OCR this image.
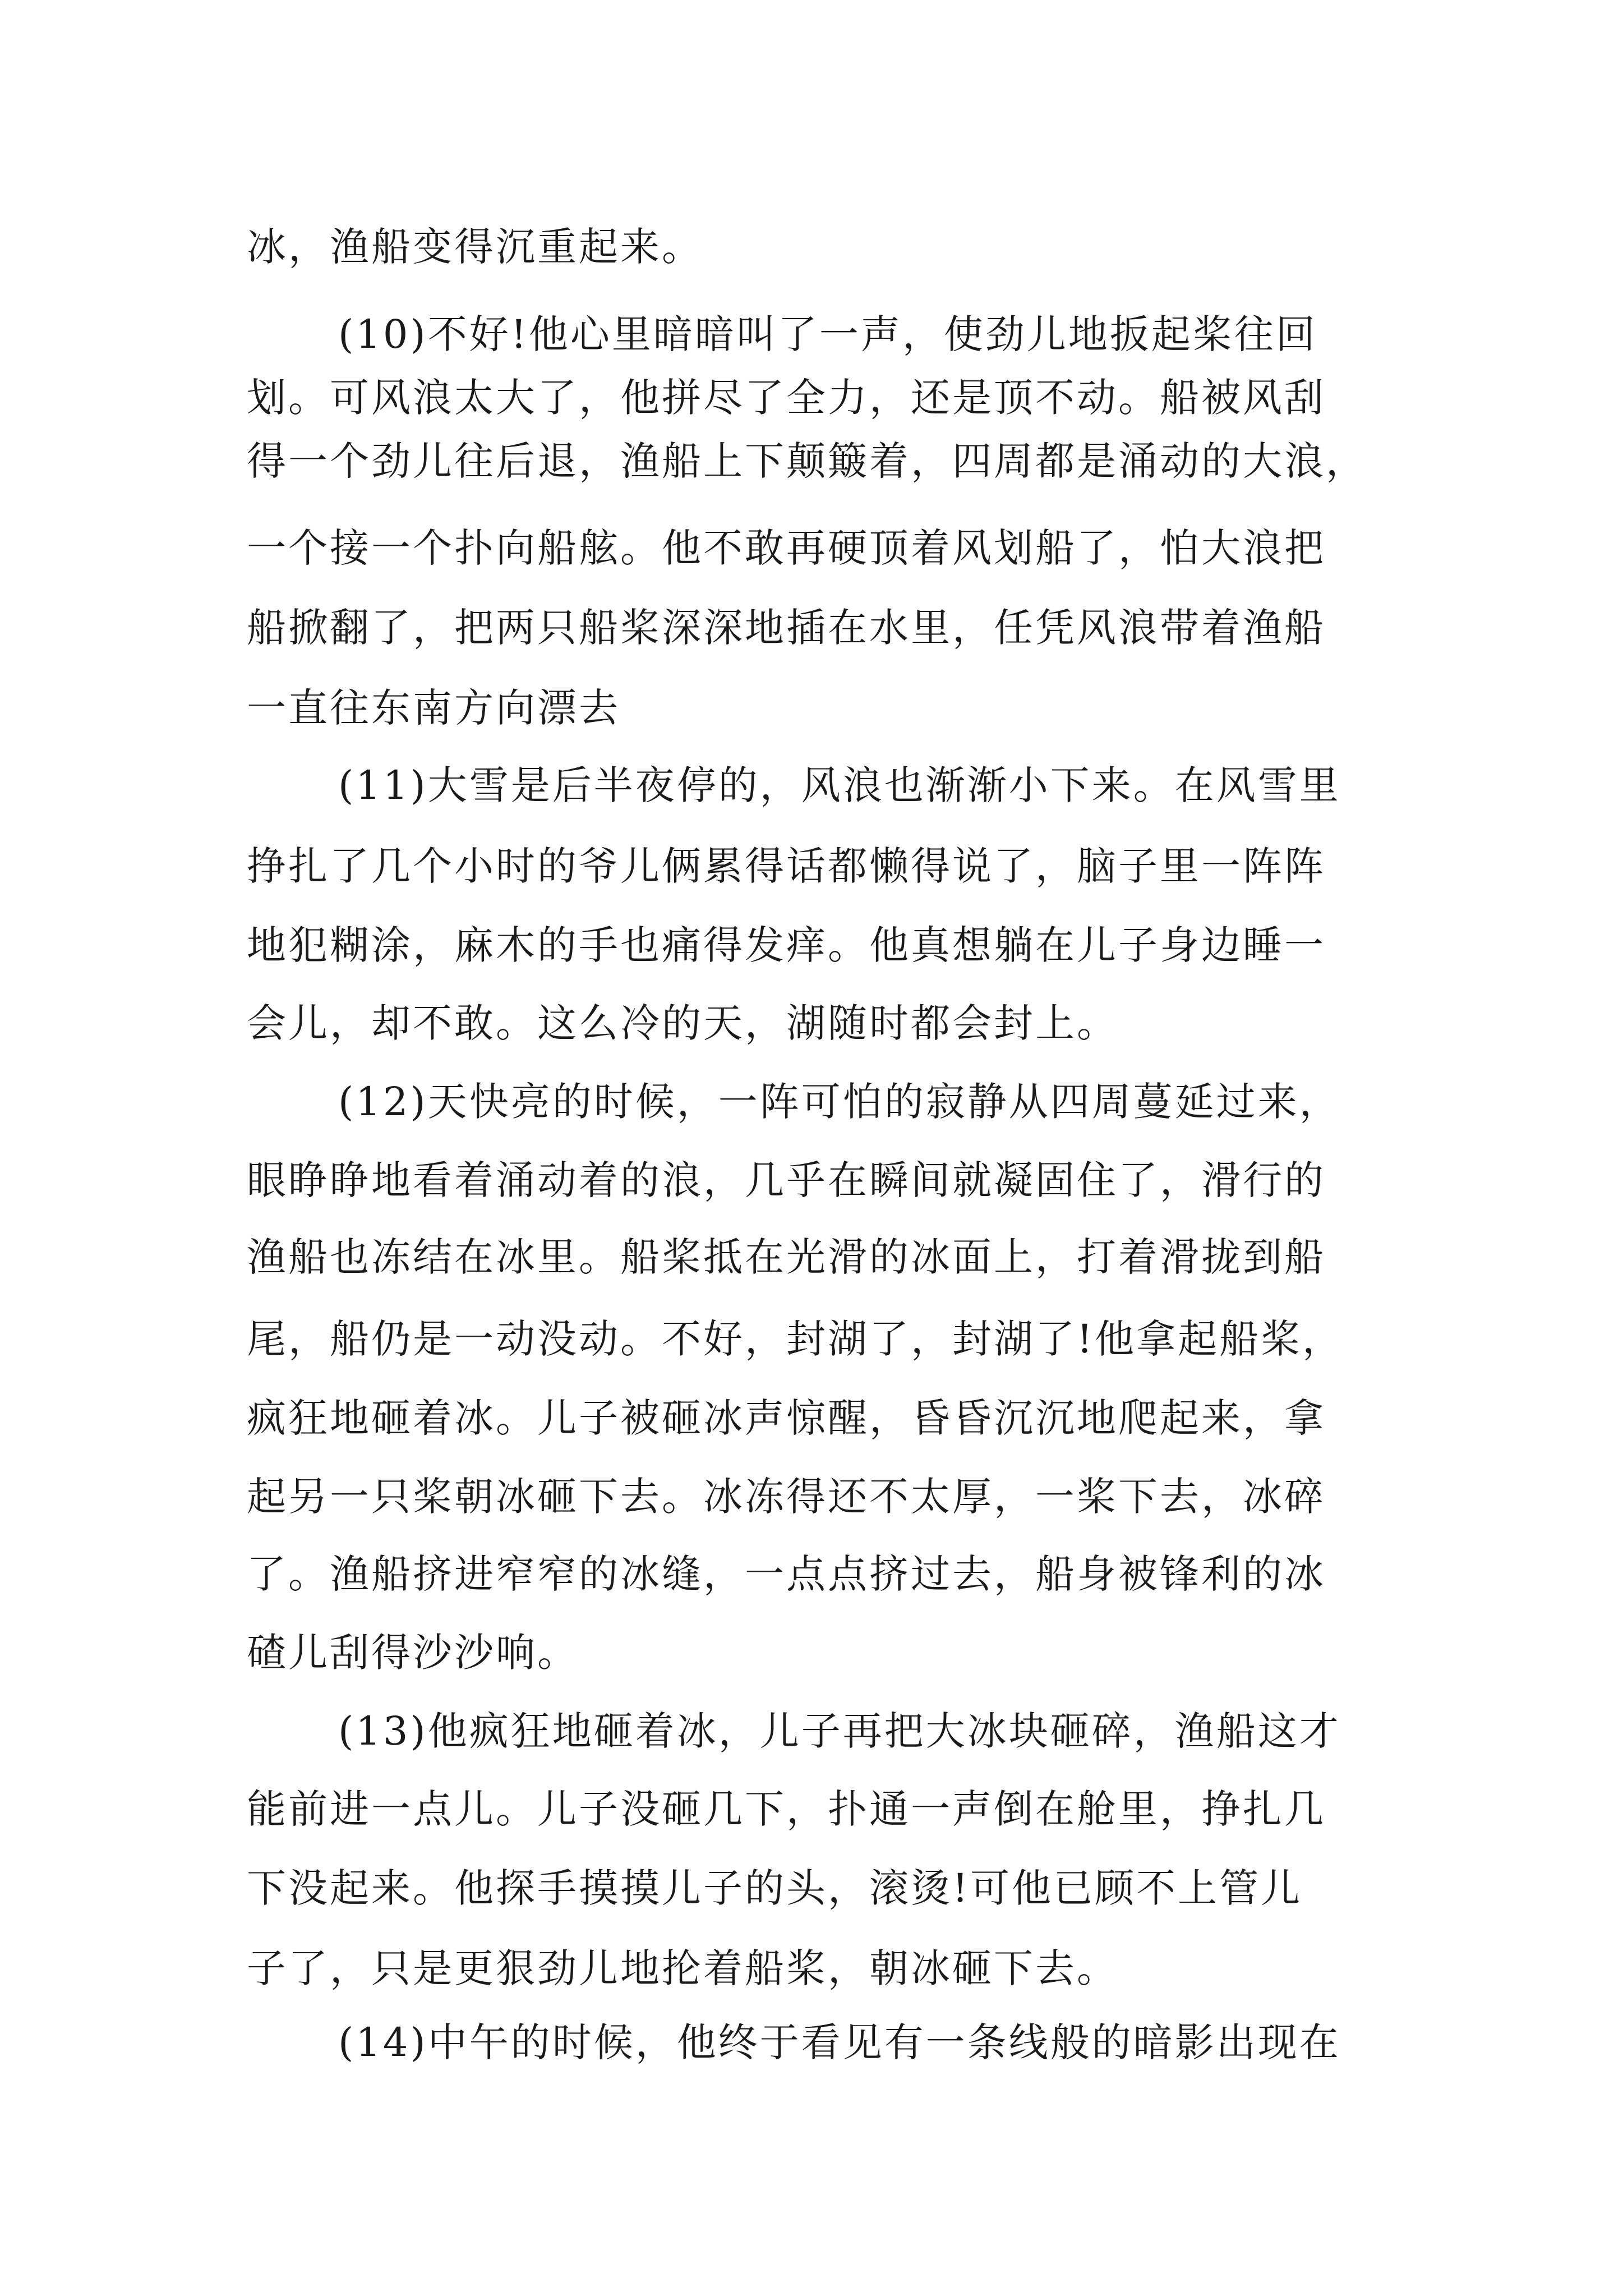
冰，渔船变得沉重起来。
(10)不好!他心里暗暗叫了一声，使劲儿地扳起桨往回
划。可风浪太大了，他拼尽了全力，还是顶不动。船被风刮
得一个劲儿往后退，渔船上下颠簸着，四周都是涌动的大浪，
一个接一个扑向船舷。他不敢再硬顶着风划船了，怕大浪把
船掀翻了，把两只船桨深深地插在水里，任凭风浪带着渔船
一直往东南方向漂去
(11)大雪是后半夜停的，风浪也渐渐小下来。在风雪里
挣扎了几个小时的爷儿俩累得话都懒得说了，脑子里一阵阵
地犯糊涂，麻木的手也痛得发痒。他真想躺在儿子身边睡一
会儿，却不敢。这么冷的天，湖随时都会封上。
(12)天快亮的时候，一阵可怕的寂静从四周蔓延过来，
眼睁睁地看着涌动着的浪，几乎在瞬间就凝固住了，滑行的
渔船也冻结在冰里。船桨抵在光滑的冰面上，打着滑拢到船
尾，船仍是一动没动。不好，封湖了，封湖了!他拿起船桨，
疯狂地砸着冰。儿子被砸冰声惊醒，昏昏沉沉地爬起来，拿
起另一只桨朝冰砸下去。冰冻得还不太厚，一桨下去，冰碎
了。渔船挤进窄窄的冰缝，一点点挤过去，船身被锋利的冰
碴儿刮得沙沙响。
(13)他疯狂地砸着冰，儿子再把大冰块砸碎，渔船这才
能前进一点儿。儿子没砸几下，扑通一声倒在舱里，挣扎几
下没起来。他探手摸摸儿子的头，滚烫!可他已顾不上管儿
子了，只是更狠劲儿地抡着船桨，朝冰砸下去。
(14)中午的时候，他终于看见有一条线般的暗影出现在
